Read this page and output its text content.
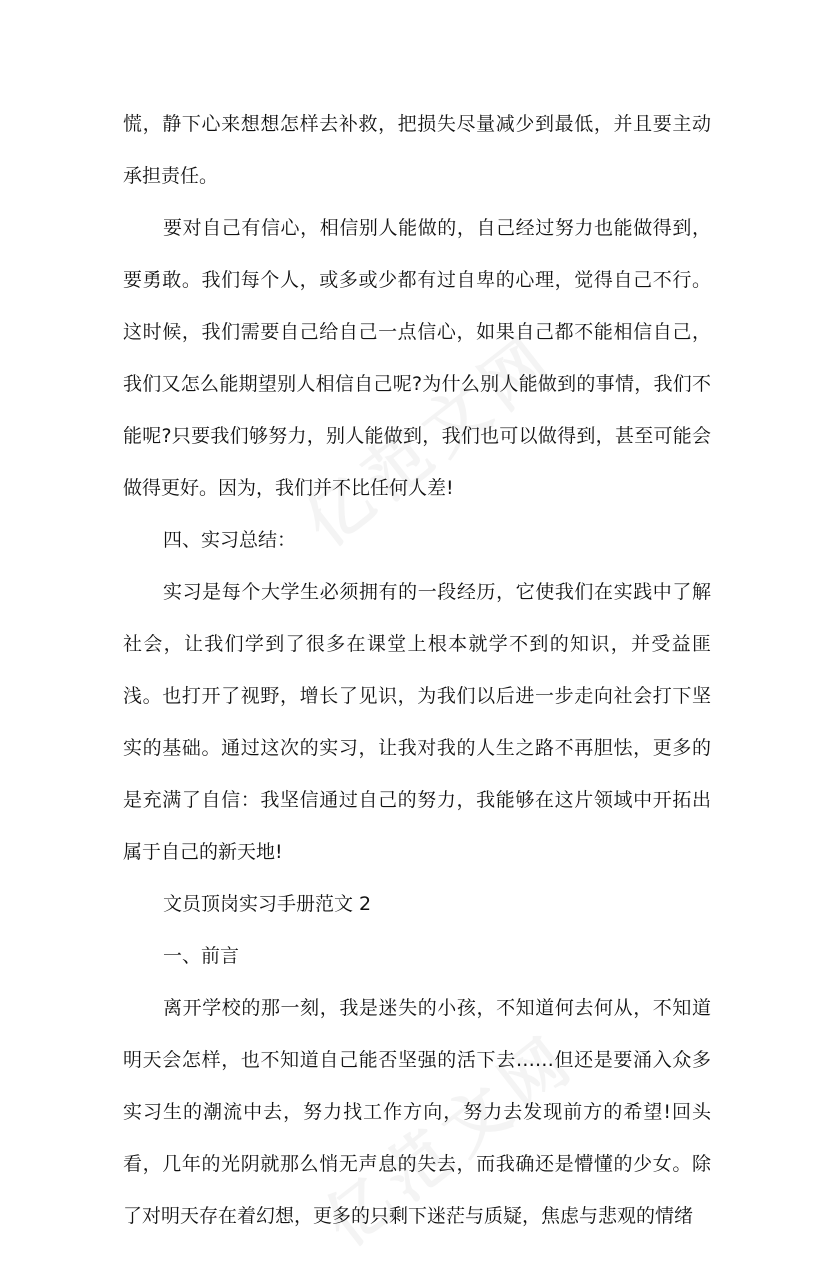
慌，静下心来想想怎样去补救，把损失尽量减少到最低，并且要主动承担责任。

要对自己有信心，相信别人能做的，自己经过努力也能做得到，要勇敢。我们每个人，或多或少都有过自卑的心理，觉得自己不行。这时候，我们需要自己给自己一点信心，如果自己都不能相信自己，我们又怎么能期望别人相信自己呢?为什么别人能做到的事情，我们不能呢?只要我们够努力，别人能做到，我们也可以做得到，甚至可能会做得更好。因为，我们并不比任何人差!

四、实习总结：

实习是每个大学生必须拥有的一段经历，它使我们在实践中了解社会，让我们学到了很多在课堂上根本就学不到的知识，并受益匪浅。也打开了视野，增长了见识，为我们以后进一步走向社会打下坚实的基础。通过这次的实习，让我对我的人生之路不再胆怯，更多的是充满了自信：我坚信通过自己的努力，我能够在这片领域中开拓出属于自己的新天地!

文员顶岗实习手册范文 2

一、前言

离开学校的那一刻，我是迷失的小孩，不知道何去何从，不知道明天会怎样，也不知道自己能否坚强的活下去……但还是要涌入众多实习生的潮流中去，努力找工作方向，努力去发现前方的希望!回头看，几年的光阴就那么悄无声息的失去，而我确还是懵懂的少女。除了对明天存在着幻想，更多的只剩下迷茫与质疑，焦虑与悲观的情绪
